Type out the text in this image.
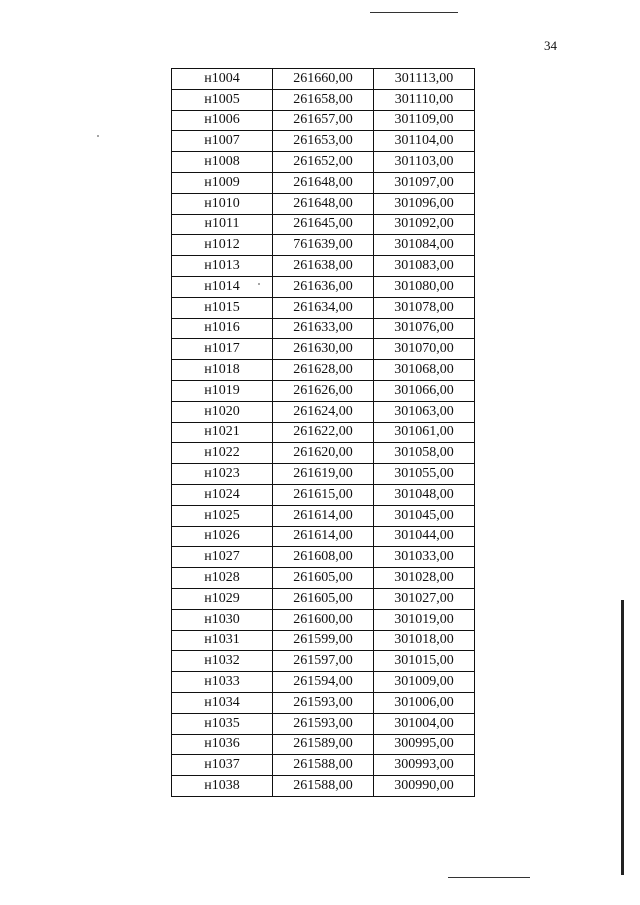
34
н1004	261660,00	301113,00
н1005	261658,00	301110,00
н1006	261657,00	301109,00
н1007	261653,00	301104,00
н1008	261652,00	301103,00
н1009	261648,00	301097,00
н1010	261648,00	301096,00
н1011	261645,00	301092,00
н1012	761639,00	301084,00
н1013	261638,00	301083,00
н1014	261636,00	301080,00
н1015	261634,00	301078,00
н1016	261633,00	301076,00
н1017	261630,00	301070,00
н1018	261628,00	301068,00
н1019	261626,00	301066,00
н1020	261624,00	301063,00
н1021	261622,00	301061,00
н1022	261620,00	301058,00
н1023	261619,00	301055,00
н1024	261615,00	301048,00
н1025	261614,00	301045,00
н1026	261614,00	301044,00
н1027	261608,00	301033,00
н1028	261605,00	301028,00
н1029	261605,00	301027,00
н1030	261600,00	301019,00
н1031	261599,00	301018,00
н1032	261597,00	301015,00
н1033	261594,00	301009,00
н1034	261593,00	301006,00
н1035	261593,00	301004,00
н1036	261589,00	300995,00
н1037	261588,00	300993,00
н1038	261588,00	300990,00
